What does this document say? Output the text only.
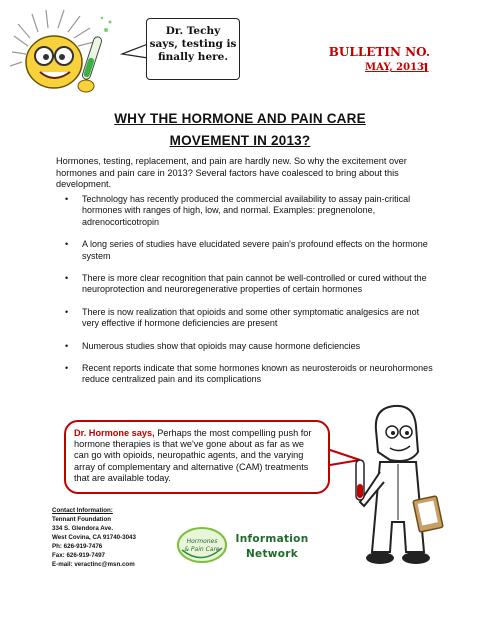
Dr. Techy
says, testing is
finally here.	BULLETIN NO. 1
MAY, 2013
WHY THE HORMONE AND PAIN CARE
MOVEMENT IN 2013?
Hormones, testing, replacement, and pain are hardly new. So why the excitement over hormones and pain care in 2013? Several factors have coalesced to bring about this development.
• Technology has recently produced the commercial availability to assay pain-critical hormones with ranges of high, low, and normal. Examples: pregnenolone, adrenocorticotropin
• A long series of studies have elucidated severe pain's profound effects on the hormone system
• There is more clear recognition that pain cannot be well-controlled or cured without the neuroprotection and neuroregenerative properties of certain hormones
• There is now realization that opioids and some other symptomatic analgesics are not very effective if hormone deficiencies are present
• Numerous studies show that opioids may cause hormone deficiencies
• Recent reports indicate that some hormones known as neurosteroids or neurohormones reduce centralized pain and its complications
Dr. Hormone says, Perhaps the most compelling push for hormone therapies is that we've gone about as far as we can go with opioids, neuropathic agents, and the varying array of complementary and alternative (CAM) treatments that are available today.
Contact Information:
Tennant Foundation
334 S. Glendora Ave.
West Covina, CA 91740-3043
Ph: 626-919-7476
Fax: 626-919-7497
E-mail: veractinc@msn.com
Hormones
& Pain Care
Information
Network
